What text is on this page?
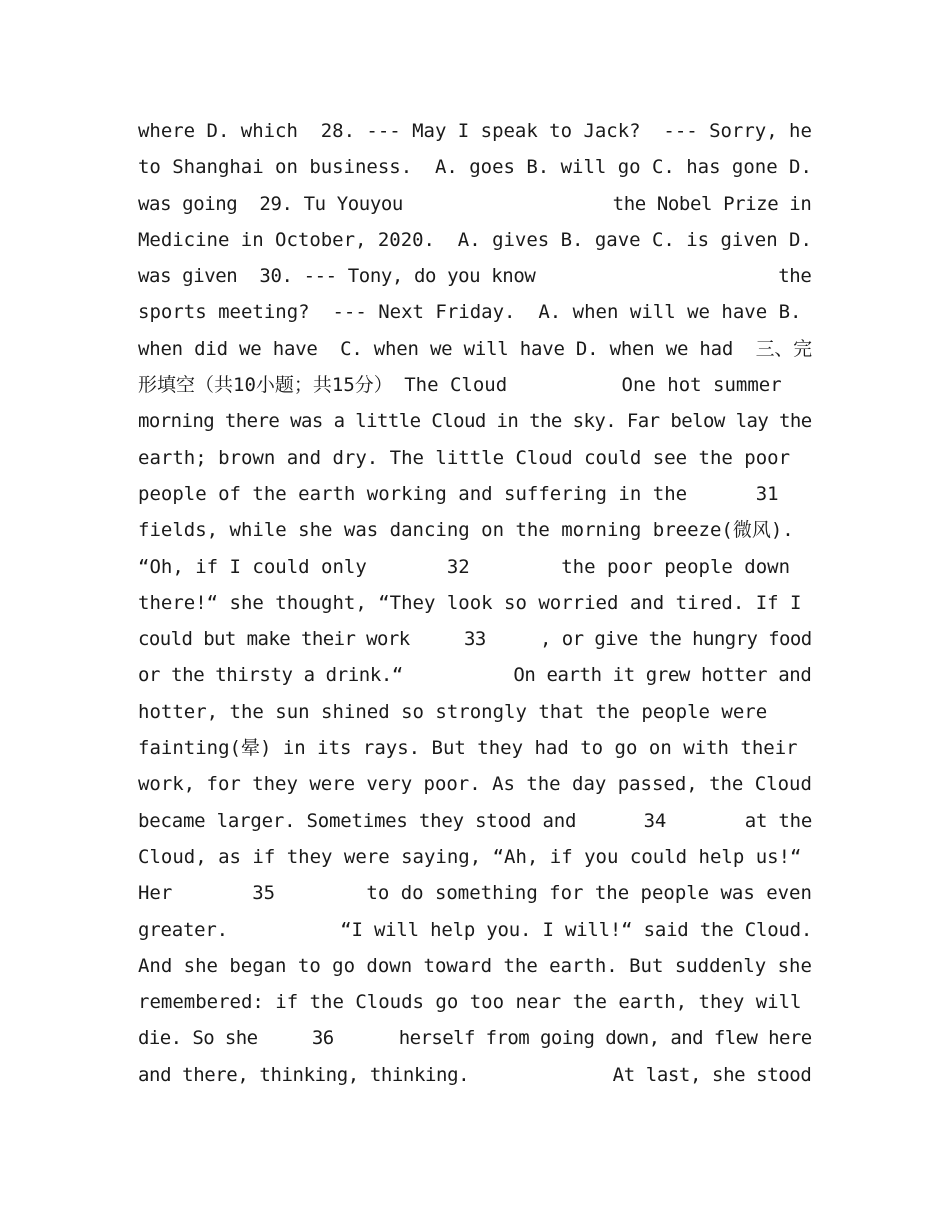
where D. which  28. --- May I speak to Jack?  --- Sorry, he
to Shanghai on business.  A. goes B. will go C. has gone D.
was going  29. Tu Youyou                   the Nobel Prize in
Medicine in October, 2020.  A. gives B. gave C. is given D.
was given  30. --- Tony, do you know                      the
sports meeting?  --- Next Friday.  A. when will we have B.
when did we have  C. when we will have D. when we had  三、完
形填空（共10小题；共15分） The Cloud          One hot summer
morning there was a little Cloud in the sky. Far below lay the
earth; brown and dry. The little Cloud could see the poor
people of the earth working and suffering in the      31
fields, while she was dancing on the morning breeze(微风).
“Oh, if I could only       32        the poor people down
there!“ she thought, “They look so worried and tired. If I
could but make their work     33     , or give the hungry food
or the thirsty a drink.“          On earth it grew hotter and
hotter, the sun shined so strongly that the people were
fainting(晕) in its rays. But they had to go on with their
work, for they were very poor. As the day passed, the Cloud
became larger. Sometimes they stood and      34       at the
Cloud, as if they were saying, “Ah, if you could help us!“
Her       35        to do something for the people was even
greater.          “I will help you. I will!“ said the Cloud.
And she began to go down toward the earth. But suddenly she
remembered: if the Clouds go too near the earth, they will
die. So she     36      herself from going down, and flew here
and there, thinking, thinking.             At last, she stood
